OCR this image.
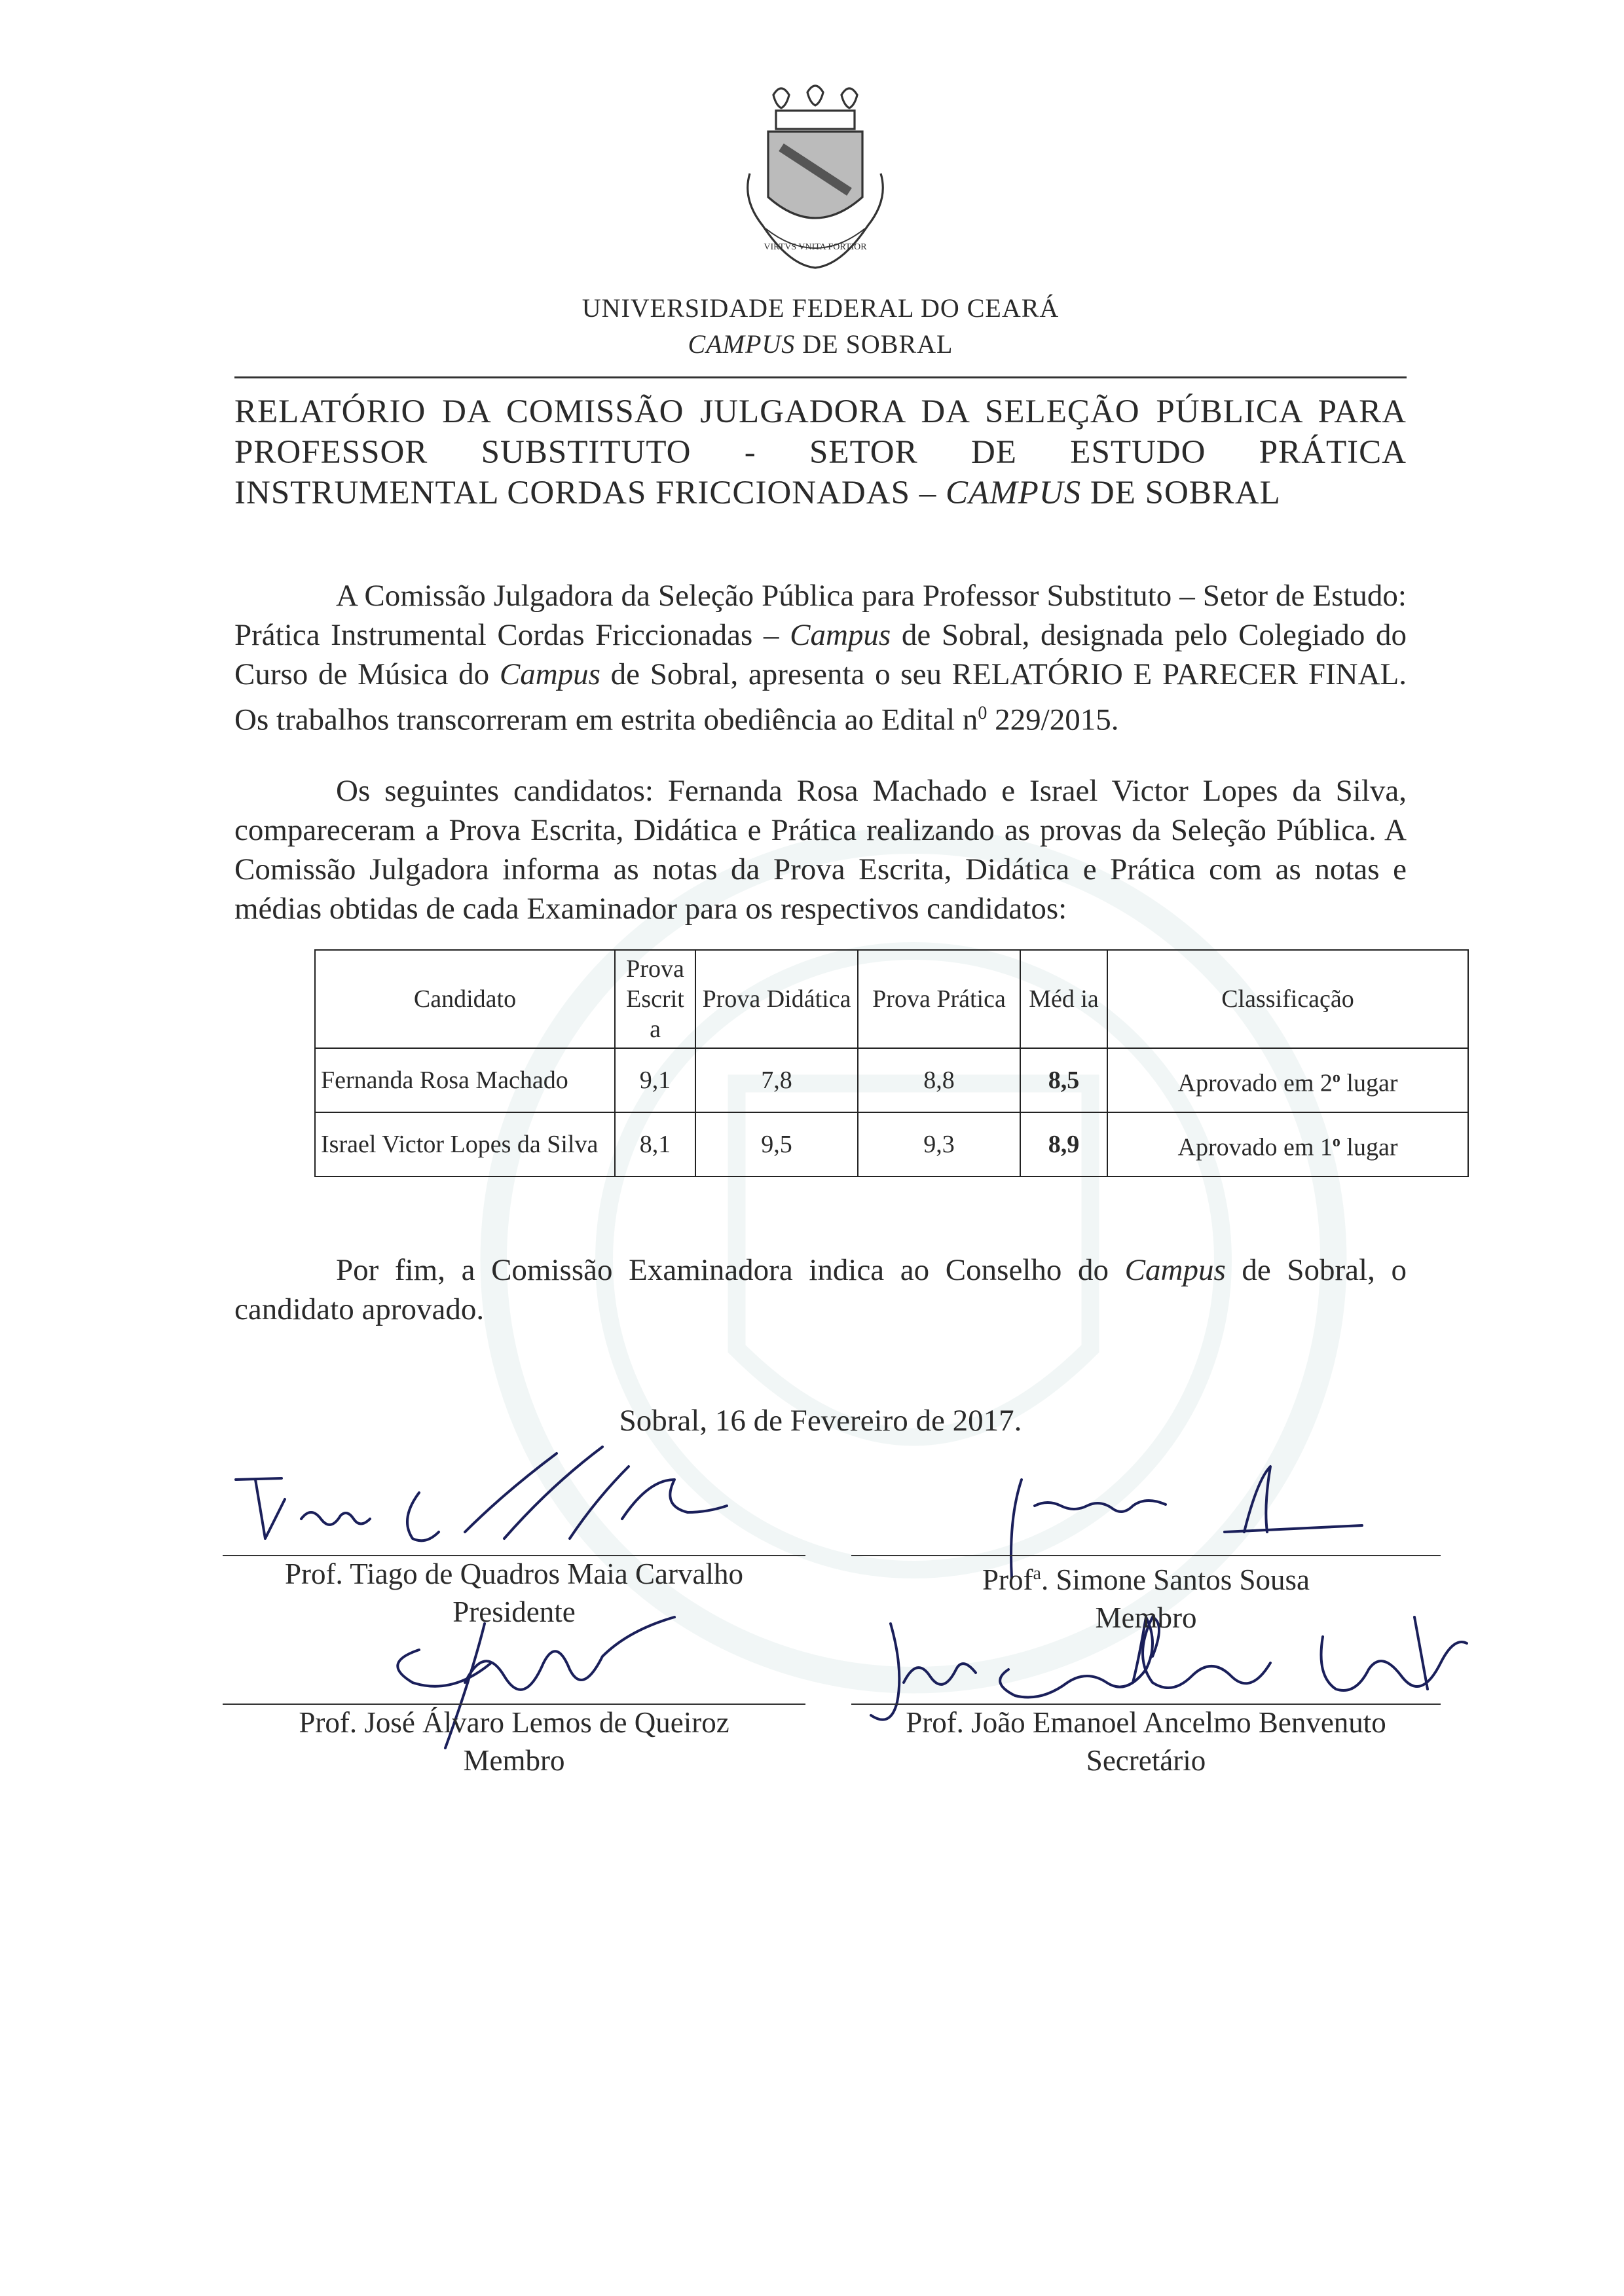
VIRTVS VNITA FORTIOR
UNIVERSIDADE FEDERAL DO CEARÁ
CAMPUS DE SOBRAL
RELATÓRIO DA COMISSÃO JULGADORA DA SELEÇÃO PÚBLICA PARA
PROFESSOR SUBSTITUTO - SETOR DE ESTUDO PRÁTICA
INSTRUMENTAL CORDAS FRICCIONADAS – CAMPUS DE SOBRAL
A Comissão Julgadora da Seleção Pública para Professor Substituto – Setor de Estudo: Prática Instrumental Cordas Friccionadas – Campus de Sobral, designada pelo Colegiado do Curso de Música do Campus de Sobral, apresenta o seu RELATÓRIO E PARECER FINAL. Os trabalhos transcorreram em estrita obediência ao Edital $n^0$ 229/2015.
Os seguintes candidatos: Fernanda Rosa Machado e Israel Victor Lopes da Silva, compareceram a Prova Escrita, Didática e Prática realizando as provas da Seleção Pública. A Comissão Julgadora informa as notas da Prova Escrita, Didática e Prática com as notas e médias obtidas de cada Examinador para os respectivos candidatos:
Candidato	Prova Escrit a	Prova Didática	Prova Prática	Méd ia	Classificação
Fernanda Rosa Machado	9,1	7,8	8,8	8,5	Aprovado em 2$^o$ lugar
Israel Victor Lopes da Silva	8,1	9,5	9,3	8,9	Aprovado em 1$^o$ lugar
Por fim, a Comissão Examinadora indica ao Conselho do Campus de Sobral, o candidato aprovado.
Sobral, 16 de Fevereiro de 2017.
Prof. Tiago de Quadros Maia Carvalho
Presidente
Prof$^a$. Simone Santos Sousa
Membro
Prof. José Álvaro Lemos de Queiroz
Membro
Prof. João Emanoel Ancelmo Benvenuto
Secretário
